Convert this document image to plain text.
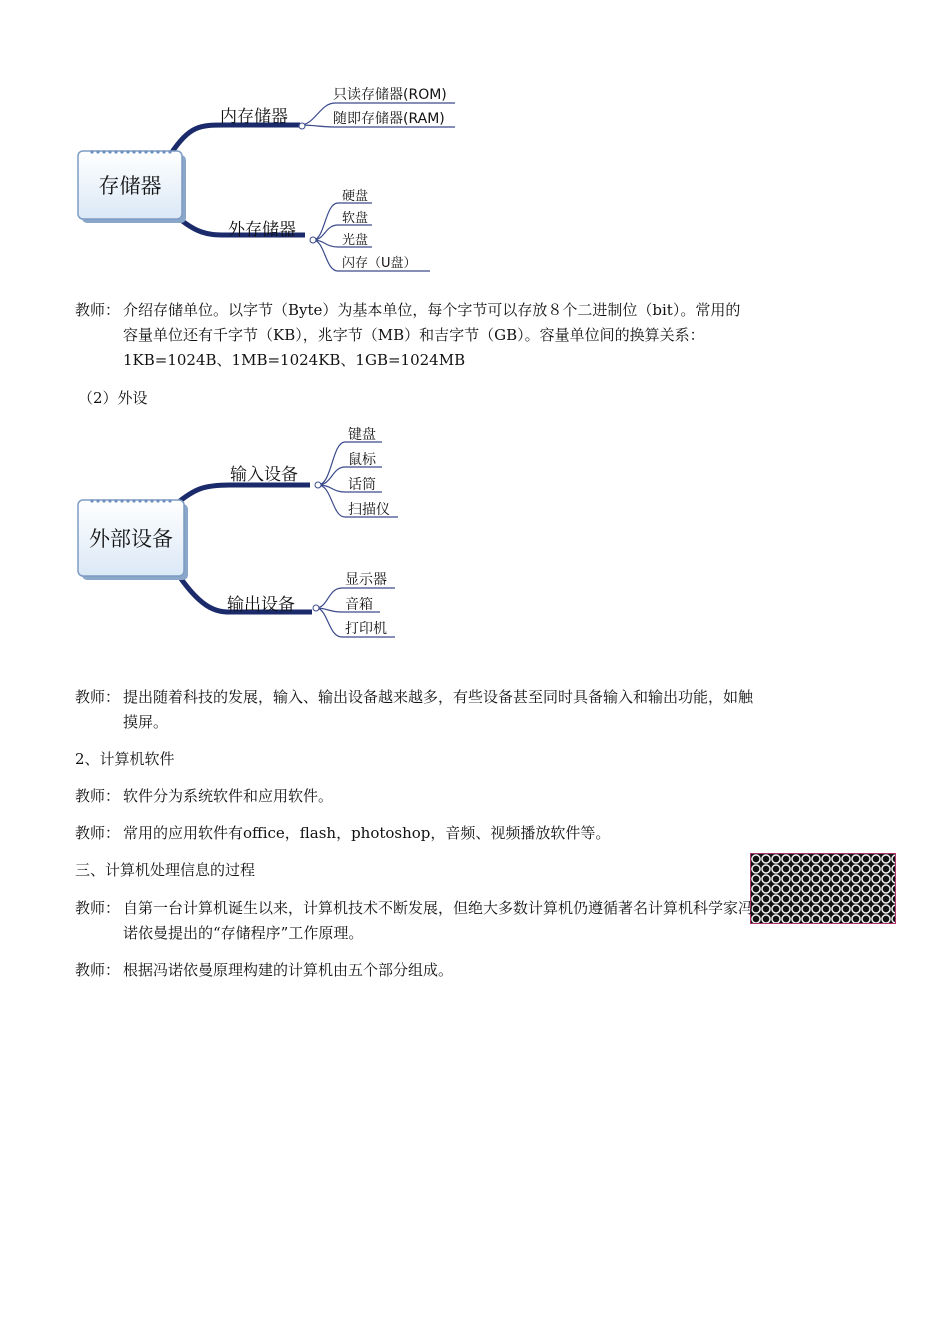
存储器
内存储器
外存储器
只读存储器(ROM)
随即存储器(RAM)
硬盘
软盘
光盘
闪存（U盘）

教师： 介绍存储单位。以字节（Byte）为基本单位，每个字节可以存放８个二进制位（bit）。常用的容量单位还有千字节（KB），兆字节（MB）和吉字节（GB）。容量单位间的换算关系：1KB=1024B、1MB=1024KB、1GB=1024MB

（2）外设

外部设备
输入设备
输出设备
键盘
鼠标
话筒
扫描仪
显示器
音箱
打印机

教师： 提出随着科技的发展，输入、输出设备越来越多，有些设备甚至同时具备输入和输出功能，如触摸屏。

2、计算机软件

教师： 软件分为系统软件和应用软件。

教师： 常用的应用软件有office，flash，photoshop，音频、视频播放软件等。

三、计算机处理信息的过程

教师： 自第一台计算机诞生以来，计算机技术不断发展，但绝大多数计算机仍遵循著名计算机科学家冯诺依曼提出的“存储程序”工作原理。

教师： 根据冯诺依曼原理构建的计算机由五个部分组成。
